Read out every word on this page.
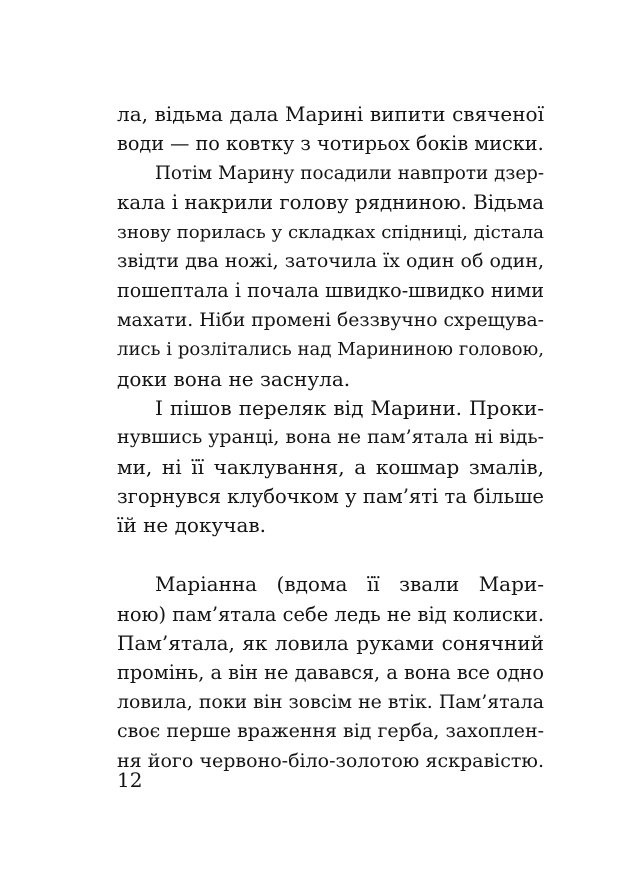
ла, відьма дала Марині випити свяченої
води — по ковтку з чотирьох боків миски.
Потім Марину посадили навпроти дзер-
кала і накрили голову рядниною. Відьма
знову порилась у складках спідниці, дістала
звідти два ножі, заточила їх один об один,
пошептала і почала швидко-швидко ними
махати. Ніби промені беззвучно схрещува-
лись і розлітались над Марининою головою,
доки вона не заснула.
І пішов переляк від Марини. Проки-
нувшись уранці, вона не пам’ятала ні відь-
ми, ні її чаклування, а кошмар змалів,
згорнувся клубочком у пам’яті та більше
їй не докучав.
Маріанна (вдома її звали Мари-
ною) пам’ятала себе ледь не від колиски.
Пам’ятала, як ловила руками сонячний
промінь, а він не давався, а вона все одно
ловила, поки він зовсім не втік. Пам’ятала
своє перше враження від герба, захоплен-
ня його червоно-біло-золотою яскравістю.
12
